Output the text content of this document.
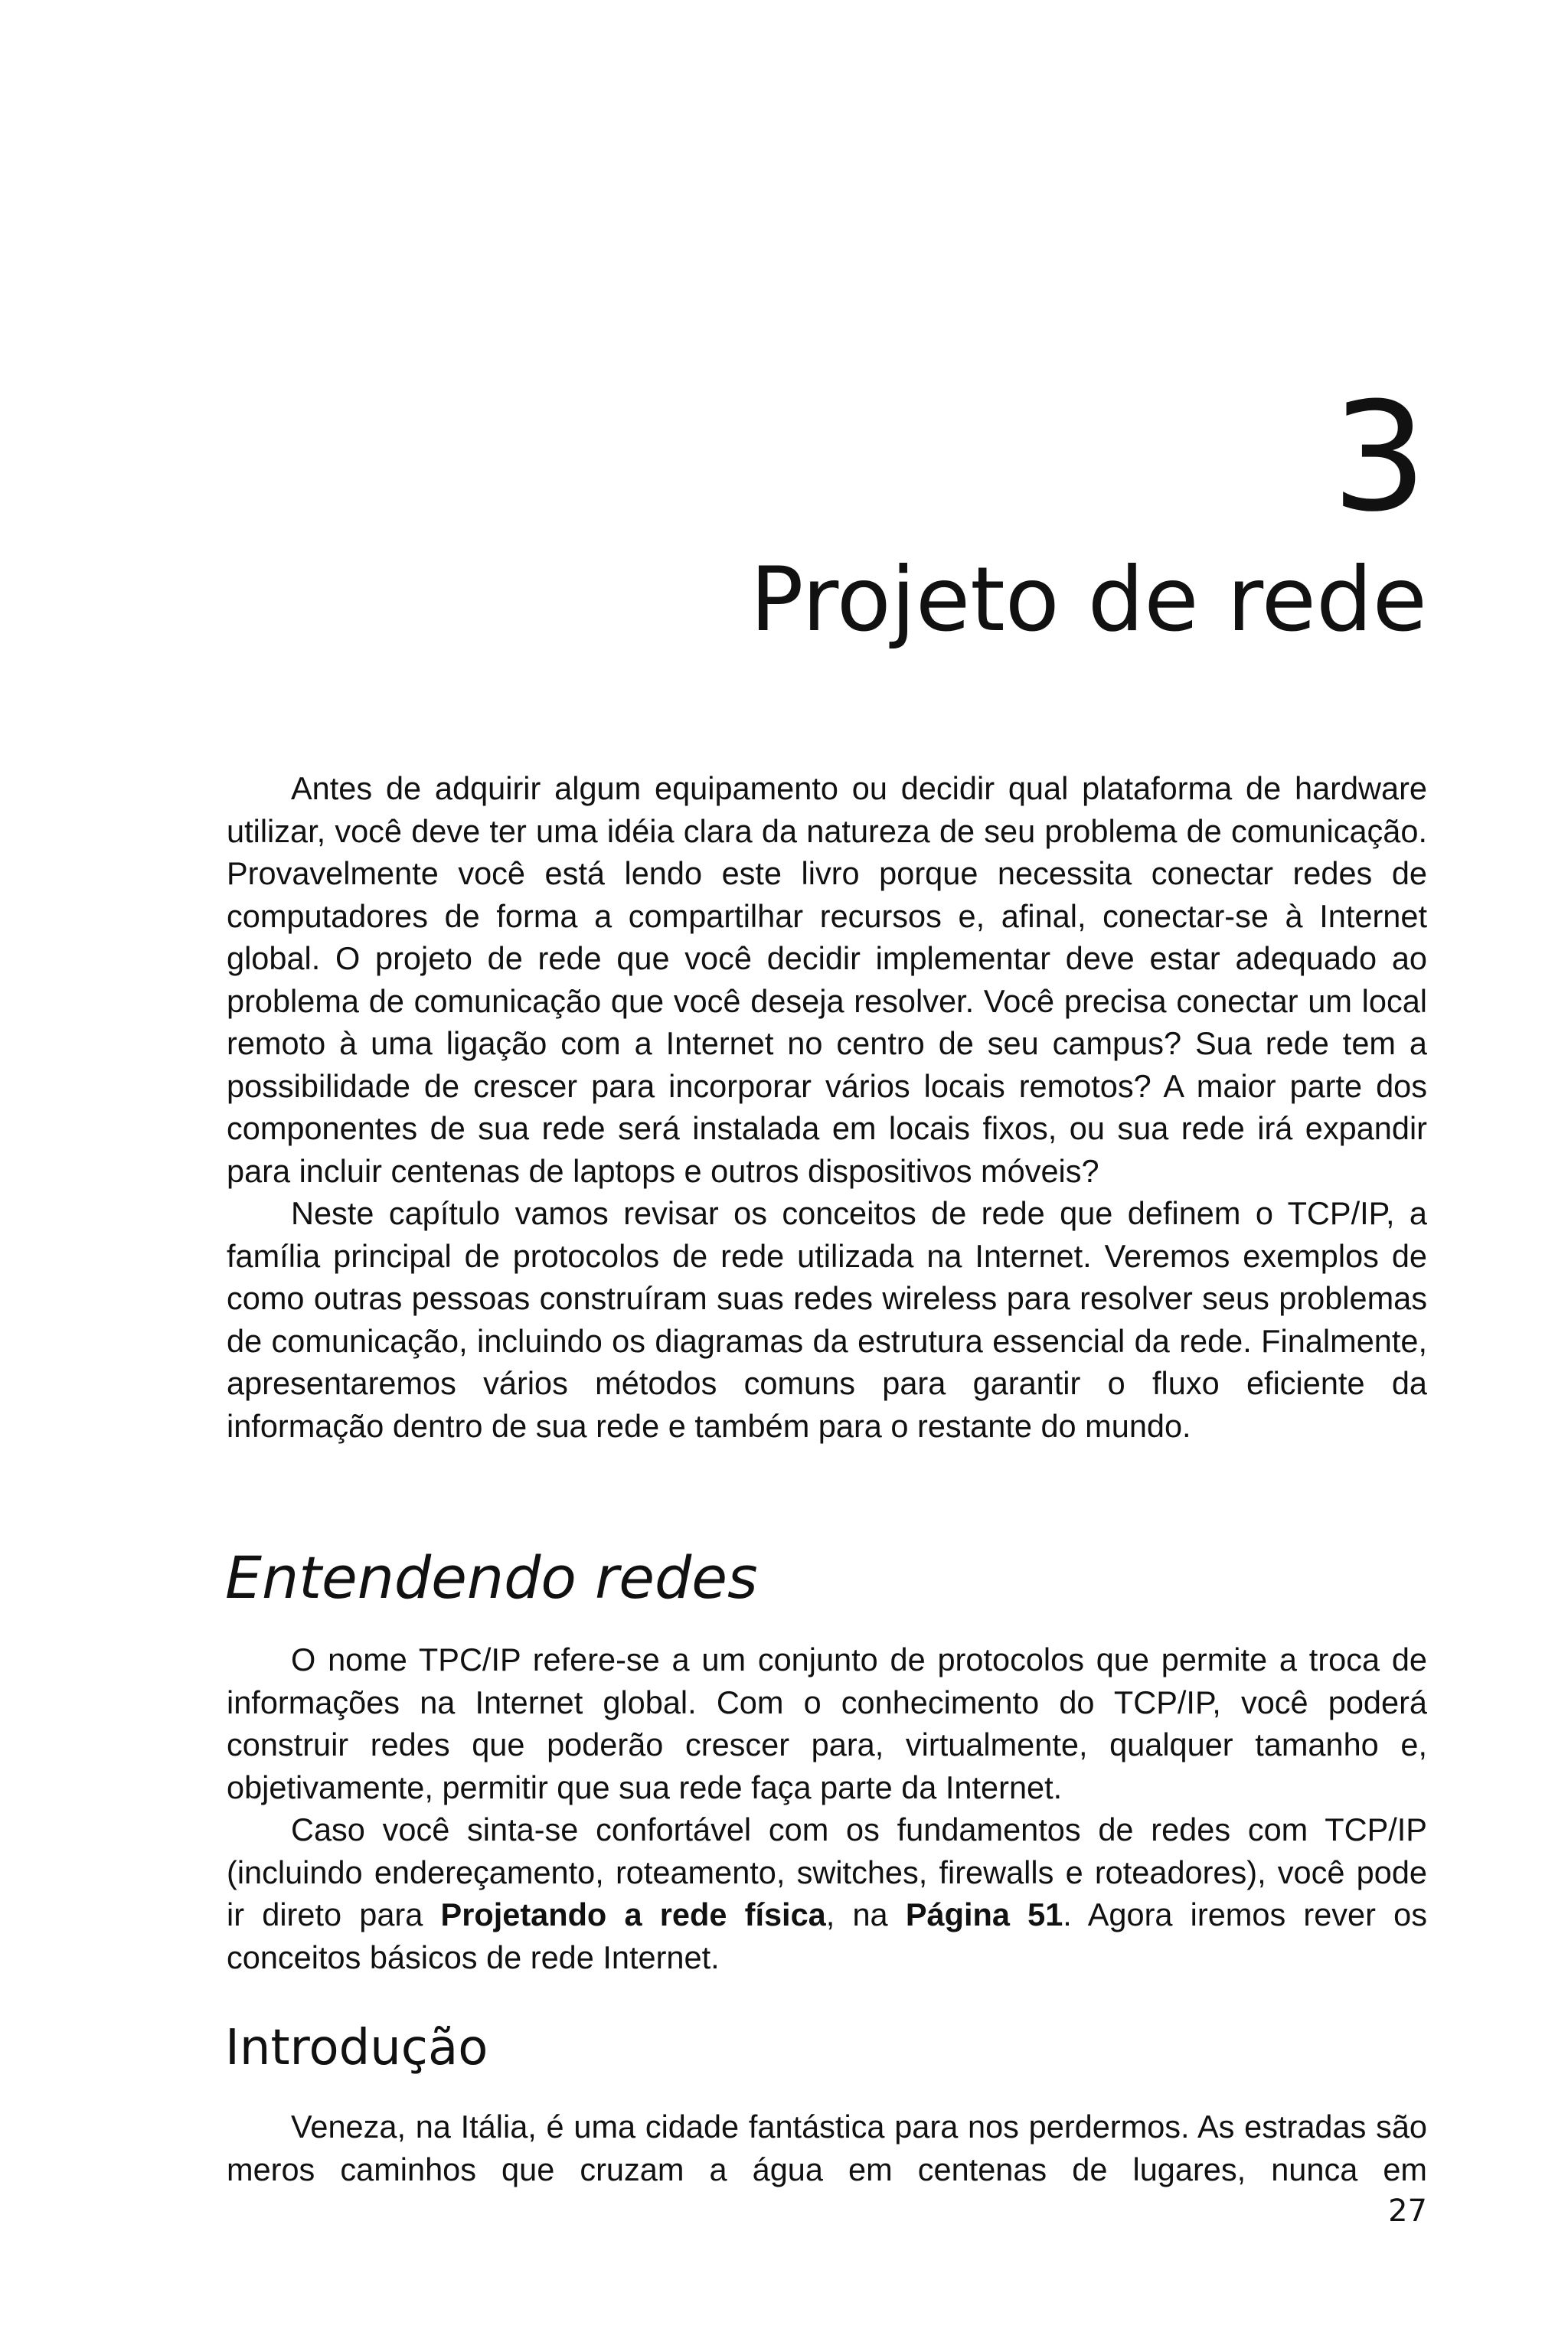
3
Projeto de rede

Antes de adquirir algum equipamento ou decidir qual plataforma de hardware utilizar, você deve ter uma idéia clara da natureza de seu problema de comunicação. Provavelmente você está lendo este livro porque necessita conectar redes de computadores de forma a compartilhar recursos e, afinal, conectar-se à Internet global. O projeto de rede que você decidir implementar deve estar adequado ao problema de comunicação que você deseja resolver. Você precisa conectar um local remoto à uma ligação com a Internet no centro de seu campus? Sua rede tem a possibilidade de crescer para incorporar vários locais remotos? A maior parte dos componentes de sua rede será instalada em locais fixos, ou sua rede irá expandir para incluir centenas de laptops e outros dispositivos móveis?

Neste capítulo vamos revisar os conceitos de rede que definem o TCP/IP, a família principal de protocolos de rede utilizada na Internet. Veremos exemplos de como outras pessoas construíram suas redes wireless para resolver seus problemas de comunicação, incluindo os diagramas da estrutura essencial da rede. Finalmente, apresentaremos vários métodos comuns para garantir o fluxo eficiente da informação dentro de sua rede e também para o restante do mundo.

Entendendo redes

O nome TPC/IP refere-se a um conjunto de protocolos que permite a troca de informações na Internet global. Com o conhecimento do TCP/IP, você poderá construir redes que poderão crescer para, virtualmente, qualquer tamanho e, objetivamente, permitir que sua rede faça parte da Internet.

Caso você sinta-se confortável com os fundamentos de redes com TCP/IP (incluindo endereçamento, roteamento, switches, firewalls e roteadores), você pode ir direto para Projetando a rede física, na Página 51. Agora iremos rever os conceitos básicos de rede Internet.

Introdução

Veneza, na Itália, é uma cidade fantástica para nos perdermos. As estradas são meros caminhos que cruzam a água em centenas de lugares, nunca em

27
